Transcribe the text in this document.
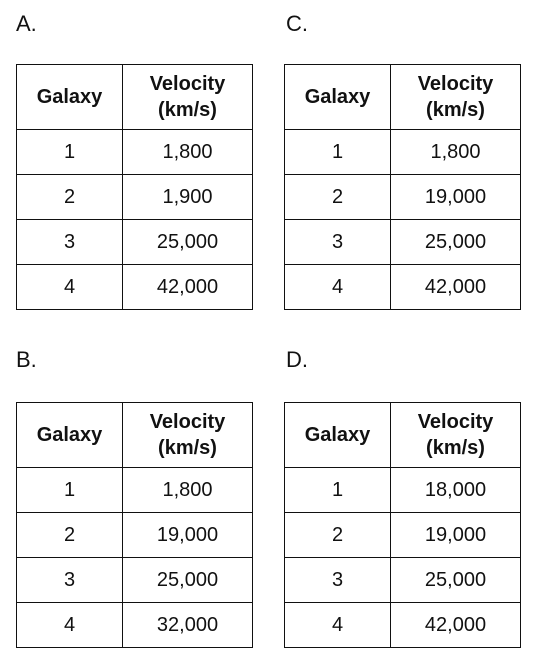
A.
Galaxy	Velocity
(km/s)

1	1,800
2	1,900
3	25,000
4	42,000
C.
Galaxy	Velocity
(km/s)

1	1,800
2	19,000
3	25,000
4	42,000
B.
Galaxy	Velocity
(km/s)

1	1,800
2	19,000
3	25,000
4	32,000
D.
Galaxy	Velocity
(km/s)

1	18,000
2	19,000
3	25,000
4	42,000
